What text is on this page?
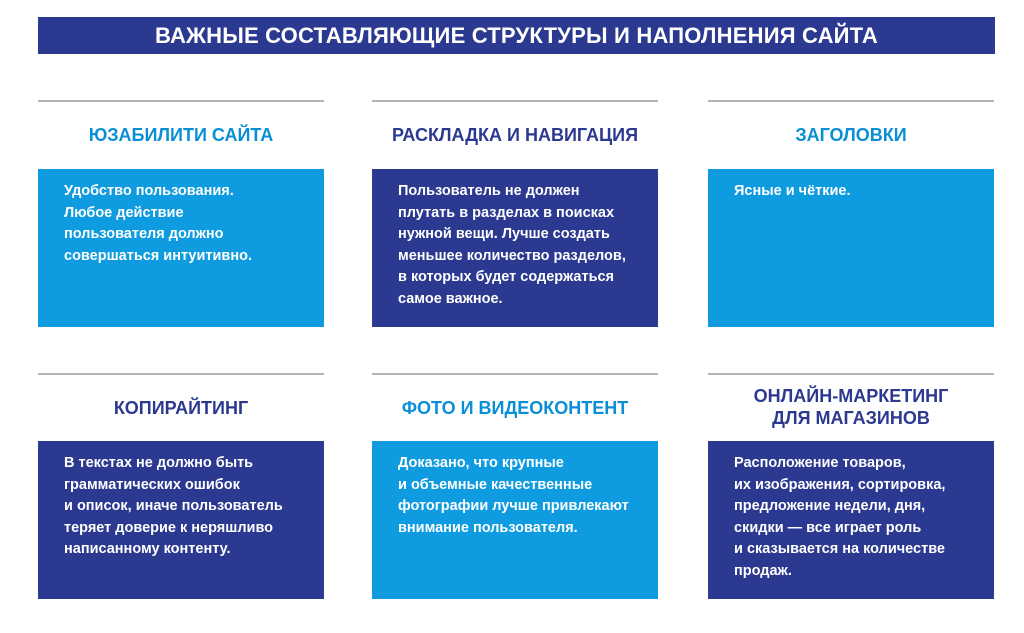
ВАЖНЫЕ СОСТАВЛЯЮЩИЕ СТРУКТУРЫ И НАПОЛНЕНИЯ САЙТА
ЮЗАБИЛИТИ САЙТА

Удобство пользования.

Любое действие

пользователя должно

совершаться интуитивно.

РАСКЛАДКА И НАВИГАЦИЯ

Пользователь не должен

плутать в разделах в поисках

нужной вещи. Лучше создать

меньшее количество разделов,

в которых будет содержаться

самое важное.

ЗАГОЛОВКИ

Ясные и чёткие.

КОПИРАЙТИНГ

В текстах не должно быть

грамматических ошибок

и описок, иначе пользователь

теряет доверие к неряшливо

написанному контенту.

ФОТО И ВИДЕОКОНТЕНТ

Доказано, что крупные

и объемные качественные

фотографии лучше привлекают

внимание пользователя.

ОНЛАЙН-МАРКЕТИНГ
ДЛЯ МАГАЗИНОВ

Расположение товаров,

их изображения, сортировка,

предложение недели, дня,

скидки — все играет роль

и сказывается на количестве

продаж.
